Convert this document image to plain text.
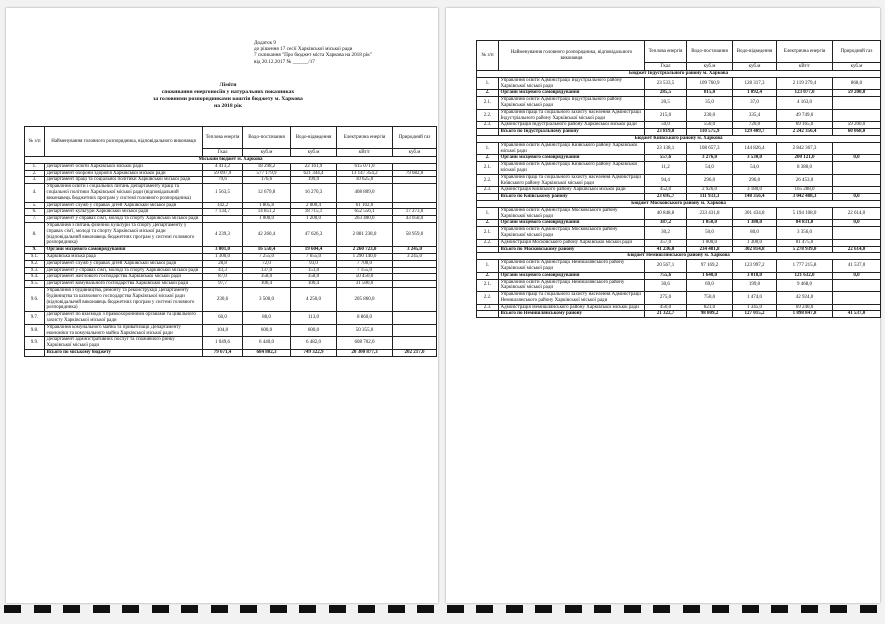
Додаток 9
до рішення 17 сесії Харківської міської ради
7 скликання "Про бюджет міста Харкова на 2018 рік"
від 20.12.2017 № ______/17
Ліміти
споживання енергоносіїв у натуральних показниках
за головними розпорядниками коштів бюджету м. Харкова
на 2018 рік
№ з/п	Найменування головного розпорядника, відповідального виконавця	Теплова енергія	Водо-постачання	Водо-відведення	Електрична енергія	Природний газ
		Гкал	куб.м	куб.м	кВт/г	куб.м
Міський бюджет м. Харкова						
1.	Департамент освіти Харківської міської ради	4 413,2	18 298,2	22 161,9	615 071,0	
2.	Департамент охорони здоров'я Харківської міської ради	59 097,9	577 179,9	621 344,4	13 147 354,2	79 682,0
3.	Департамент праці та соціальної політики Харківської міської ради	79,6	176,6	199,9	10 625,0	
4.	Управління освіти і соціальних питань Департаменту праці та соціальної політики Харківської міської ради (відповідальний виконавець бюджетних програм у системі головного розпорядника)	1 563,5	12 679,8	16 270,3	408 809,0	
5.	Департамент служб у справах дітей Харківської міської ради	142,2	1 805,8	2 000,4	61 102,0	
6.	Департамент культури Харківської міської ради	7 134,7	14 851,2	18 715,1	652 556,1	17 273,0
7.	Департамент у справах сім'ї, молоді та спорту Харківської міської ради		1 000,0	1 200,0	263 400,0	43 058,0
8.	Управління з питань фізичної культури та спорту Департаменту у справах сім'ї, молоді та спорту Харківської міської ради (відповідальний виконавець бюджетних програм у системі головного розпорядника)	4 239,3	42 260,4	47 626,3	2 881 238,0	58 959,0
9.	Органи місцевого самоврядування	3 001,0	16 550,4	19 604,4	2 260 723,0	3 245,0
9.1.	Харківська міська рада	1 300,0	7 255,0	7 655,0	1 290 140,0	3 245,0
9.2.	Департамент служб у справах дітей Харківської міської ради	28,8	72,0	93,0	7 700,0	
9.3.	Департамент у справах сім'ї, молоді та спорту Харківської міської ради	43,3	137,0	151,0	7 155,0	
9.4.	Департамент житлового господарства Харківської міської ради	87,0	358,0	358,0	50 450,0	
9.5.	Департамент комунального господарства Харківської міської ради	97,7	100,4	100,4	31 500,0	
9.6.	Управління з будівництва, ремонту та реконструкції Департаменту будівництва та шляхового господарства Харківської міської ради (відповідальний виконавець бюджетних програм у системі головного розпорядника)	230,6	3 500,0	4 250,0	205 860,0	
9.7.	Департамент по взаємодії з правоохоронними органами та цивільного захисту Харківської міської ради	60,0	88,0	113,0	8 860,0	
9.8.	Управління комунального майна та приватизації Департаменту економіки та комунального майна Харківської міської ради	104,0	600,0	600,0	50 355,0	
9.9.	Департамент адміністративних послуг та споживчого ринку Харківської міської ради	1 049,6	6 440,0	6 482,0	608 702,0	
	Всього по міському бюджету	79 671,4	684 802,3	749 322,9	20 300 877,3	202 217,0
№ з/п	Найменування головного розпорядника, відповідального виконавця	Теплова енергія	Водо-постачання	Водо-відведення	Електрична енергія	Природний газ
		Гкал	куб.м	куб.м	кВт/г	куб.м
Бюджет Індустріального району м. Харкова						
1.	Управління освіти Адміністрації Індустріального району Харківської міської ради	23 533,5	109 760,9	128 317,3	2 119 279,4	868,0
2.	Органи місцевого самоврядування	285,5	815,0	1 092,4	123 077,0	59 200,0
2.1.	Управління освіти Адміністрації Індустріального району Харківської міської ради	20,5	35,0	37,0	4 163,0	
2.2.	Управління праці та соціального захисту населення Адміністрації Індустріального району Харківської міської ради	215,0	230,0	335,4	49 749,0	
2.3.	Адміністрація Індустріального району Харківської міської ради	50,0	550,0	720,0	69 165,0	59 200,0
	Всього по Індустріальному району	23 819,0	110 575,9	129 409,7	2 242 356,4	60 068,0
Бюджет Київського району м. Харкова						
1.	Управління освіти Адміністрації Київського району Харківської міської ради	23 138,1	108 657,3	144 826,4	2 842 367,3	
2.	Органи місцевого самоврядування	557,6	3 276,0	3 530,0	200 121,0	0,0
2.1.	Управління освіти Адміністрації Київського району Харківської міської ради	11,2	54,0	54,0	8 380,0	
2.2.	Управління праці та соціального захисту населення Адміністрації Київського району Харківської міської ради	94,4	296,0	296,0	26 453,0	
2.3.	Адміністрація Київського району Харківської міської ради	452,0	2 926,0	3 180,0	165 288,0	
	Всього по Київському району	23 695,7	111 933,3	148 356,4	3 042 488,3	0,0
Бюджет Московського району м. Харкова						
1.	Управління освіти Адміністрації Московського району Харківської міської ради	40 848,8	233 431,8	301 434,8	5 194 108,0	22 614,0
2.	Органи місцевого самоврядування	387,2	1 050,0	1 380,0	84 831,0	0,0
2.1.	Управління освіти Адміністрації Московського району Харківської міської ради	30,2	50,0	80,0	3 356,0	
2.2.	Адміністрація Московського району Харківської міської ради	357,0	1 000,0	1 300,0	81 475,0	
	Всього по Московському району	41 236,0	234 481,8	302 814,8	5 278 939,0	22 614,0
Бюджет Немишлянського району м. Харкова						
1.	Управління освіти Адміністрації Немишлянського району Харківської міської ради	20 567,1	97 169,2	123 997,2	1 777 215,8	41 537,0
2.	Органи місцевого самоврядування	755,6	1 640,0	3 018,0	121 632,0	0,0
2.1.	Управління освіти Адміністрації Немишлянського району Харківської міської ради	30,6	69,0	199,0	9 468,0	
2.2.	Управління праці та соціального захисту населення Адміністрації Немишлянського району Харківської міської ради	275,0	750,0	1 474,0	42 924,0	
2.3.	Адміністрація Немишлянського району Харківської міської ради	450,0	821,0	1 345,0	69 240,0	
	Всього по Немишлянському району	21 322,7	98 809,2	127 015,2	1 898 847,8	41 537,0
